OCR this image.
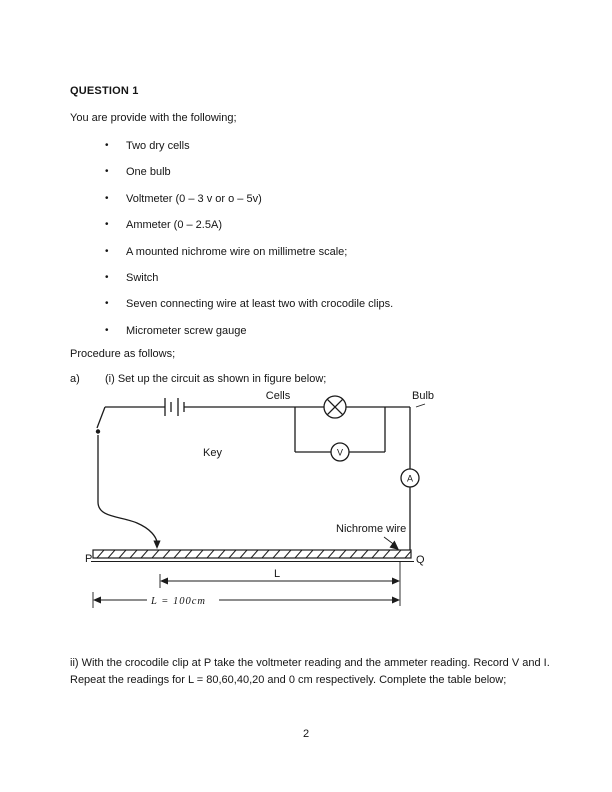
QUESTION 1
You are provide with the following;
•	Two dry cells
•	One bulb
•	Voltmeter (0 – 3 v or o – 5v)
•	Ammeter (0 – 2.5A)
•	A mounted nichrome wire on millimetre scale;
•	Switch
•	Seven connecting wire at least two with crocodile clips.
•	Micrometer screw gauge
Procedure as follows;
a) (i) Set up the circuit as shown in figure below;
V
A
L
L = 100cm
Cells	Bulb
Key
Nichrome wire
P	Q
ii) With the crocodile clip at P take the voltmeter reading and the ammeter reading. Record V and I.
Repeat the readings for L = 80,60,40,20 and 0 cm respectively. Complete the table below;
2
